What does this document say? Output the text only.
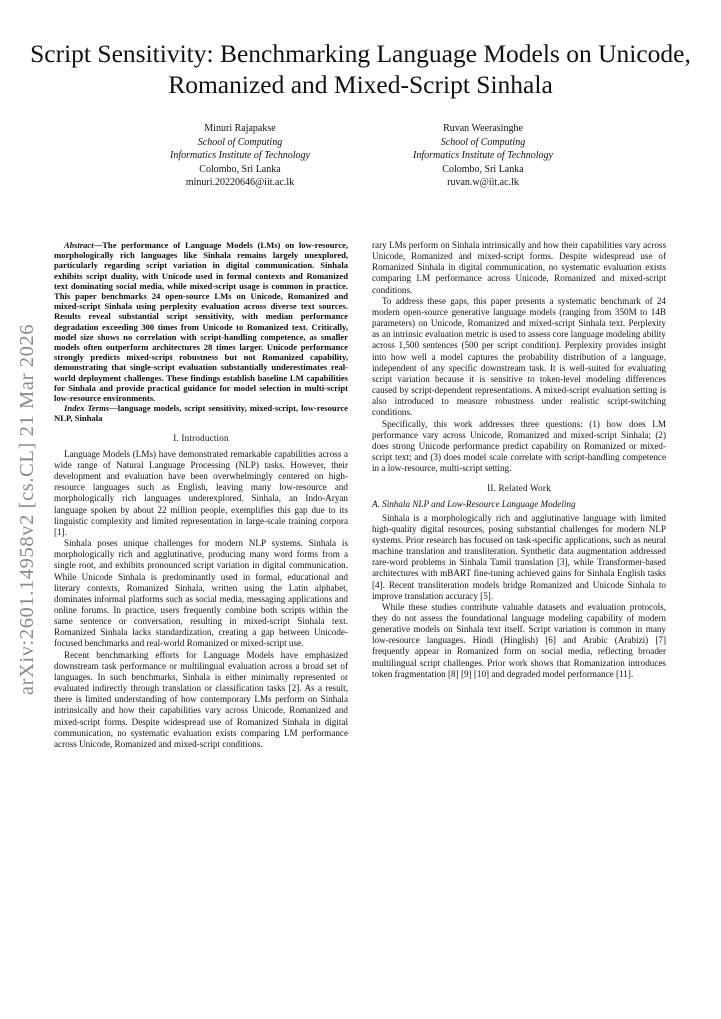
arXiv:2601.14958v2 [cs.CL] 21 Mar 2026
Script Sensitivity: Benchmarking Language Models on Unicode, Romanized and Mixed-Script Sinhala
Minuri Rajapakse
School of Computing
Informatics Institute of Technology
Colombo, Sri Lanka
minuri.20220646@iit.ac.lk
Ruvan Weerasinghe
School of Computing
Informatics Institute of Technology
Colombo, Sri Lanka
ruvan.w@iit.ac.lk

Abstract—The performance of Language Models (LMs) on low-resource, morphologically rich languages like Sinhala remains largely unexplored, particularly regarding script variation in digital communication. Sinhala exhibits script duality, with Unicode used in formal contexts and Romanized text dominating social media, while mixed-script usage is common in practice. This paper benchmarks 24 open-source LMs on Unicode, Romanized and mixed-script Sinhala using perplexity evaluation across diverse text sources. Results reveal substantial script sensitivity, with median performance degradation exceeding 300 times from Unicode to Romanized text. Critically, model size shows no correlation with script-handling competence, as smaller models often outperform architectures 28 times larger. Unicode performance strongly predicts mixed-script robustness but not Romanized capability, demonstrating that single-script evaluation substantially underestimates real-world deployment challenges. These findings establish baseline LM capabilities for Sinhala and provide practical guidance for model selection in multi-script low-resource environments.

Index Terms—language models, script sensitivity, mixed-script, low-resource NLP, Sinhala

I. Introduction

Language Models (LMs) have demonstrated remarkable capabilities across a wide range of Natural Language Processing (NLP) tasks. However, their development and evaluation have been overwhelmingly centered on high-resource languages such as English, leaving many low-resource and morphologically rich languages underexplored. Sinhala, an Indo-Aryan language spoken by about 22 million people, exemplifies this gap due to its linguistic complexity and limited representation in large-scale training corpora [1].

Sinhala poses unique challenges for modern NLP systems. Sinhala is morphologically rich and agglutinative, producing many word forms from a single root, and exhibits pronounced script variation in digital communication. While Unicode Sinhala is predominantly used in formal, educational and literary contexts, Romanized Sinhala, written using the Latin alphabet, dominates informal platforms such as social media, messaging applications and online forums. In practice, users frequently combine both scripts within the same sentence or conversation, resulting in mixed-script Sinhala text. Romanized Sinhala lacks standardization, creating a gap between Unicode-focused benchmarks and real-world Romanized or mixed-script use.

Recent benchmarking efforts for Language Models have emphasized downstream task performance or multilingual evaluation across a broad set of languages. In such benchmarks, Sinhala is either minimally represented or evaluated indirectly through translation or classification tasks [2]. As a result, there is limited understanding of how contemporary LMs perform on Sinhala intrinsically and how their capabilities vary across Unicode, Romanized and mixed-script forms. Despite widespread use of Romanized Sinhala in digital communication, no systematic evaluation exists comparing LM performance across Unicode, Romanized and mixed-script conditions.

rary LMs perform on Sinhala intrinsically and how their capabilities vary across Unicode, Romanized and mixed-script forms. Despite widespread use of Romanized Sinhala in digital communication, no systematic evaluation exists comparing LM performance across Unicode, Romanized and mixed-script conditions.

To address these gaps, this paper presents a systematic benchmark of 24 modern open-source generative language models (ranging from 350M to 14B parameters) on Unicode, Romanized and mixed-script Sinhala text. Perplexity as an intrinsic evaluation metric is used to assess core language modeling ability across 1,500 sentences (500 per script condition). Perplexity provides insight into how well a model captures the probability distribution of a language, independent of any specific downstream task. It is well-suited for evaluating script variation because it is sensitive to token-level modeling differences caused by script-dependent representations. A mixed-script evaluation setting is also introduced to measure robustness under realistic script-switching conditions.

Specifically, this work addresses three questions: (1) how does LM performance vary across Unicode, Romanized and mixed-script Sinhala; (2) does strong Unicode performance predict capability on Romanized or mixed-script text; and (3) does model scale correlate with script-handling competence in a low-resource, multi-script setting.

II. Related Work
A. Sinhala NLP and Low-Resource Language Modeling

Sinhala is a morphologically rich and agglutinative language with limited high-quality digital resources, posing substantial challenges for modern NLP systems. Prior research has focused on task-specific applications, such as neural machine translation and transliteration. Synthetic data augmentation addressed rare-word problems in Sinhala Tamil translation [3], while Transformer-based architectures with mBART fine-tuning achieved gains for Sinhala English tasks [4]. Recent transliteration models bridge Romanized and Unicode Sinhala to improve translation accuracy [5].

While these studies contribute valuable datasets and evaluation protocols, they do not assess the foundational language modeling capability of modern generative models on Sinhala text itself. Script variation is common in many low-resource languages. Hindi (Hinglish) [6] and Arabic (Arabizi) [7] frequently appear in Romanized form on social media, reflecting broader multilingual script challenges. Prior work shows that Romanization introduces token fragmentation [8] [9] [10] and degraded model performance [11].
